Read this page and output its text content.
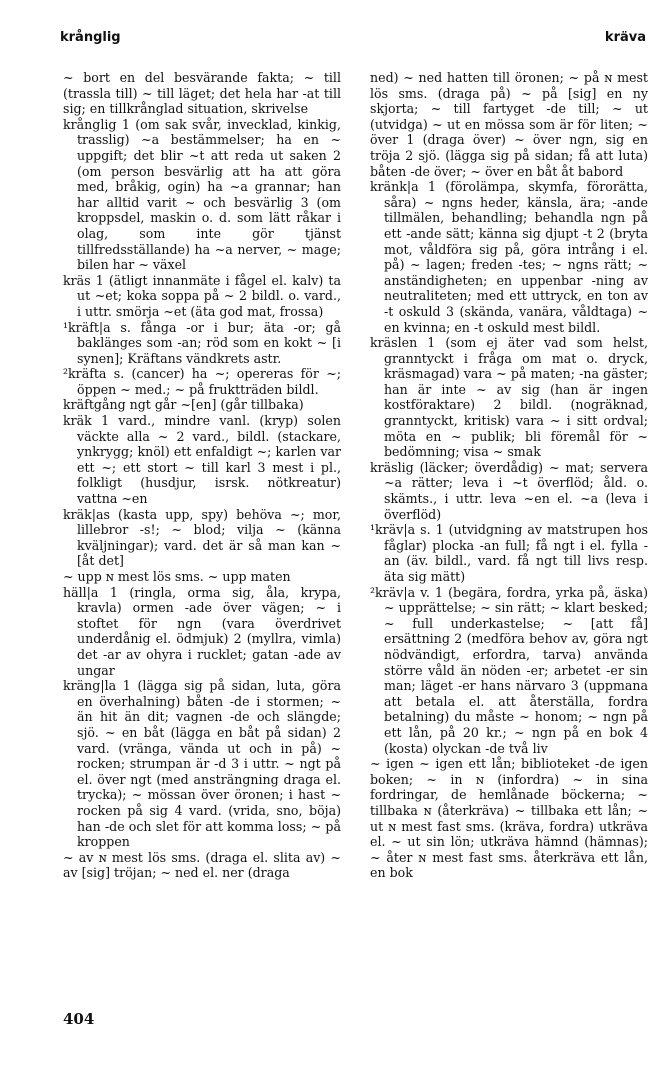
krånglig	kräva

~ bort en del besvärande fakta; ~ till (trassla till) ~ till läget; det hela har -at till sig; en tillkrånglad situation, skrivelse

krånglig 1 (om sak svår, invecklad, kinkig, trasslig) ~a bestämmelser; ha en ~ uppgift; det blir ~t att reda ut saken 2 (om person besvärlig att ha att göra med, bråkig, ogin) ha ~a grannar; han har alltid varit ~ och besvärlig 3 (om kroppsdel, maskin o. d. som lätt råkar i olag, som inte gör tjänst tillfredsställande) ha ~a nerver, ~ mage; bilen har ~ växel

kräs 1 (ätligt innanmäte i fågel el. kalv) ta ut ~et; koka soppa på ~ 2 bildl. o. vard., i uttr. smörja ~et (äta god mat, frossa)

¹kräft|a s. fånga -or i bur; äta -or; gå baklänges som -an; röd som en kokt ~ [i synen]; Kräftans vändkrets astr.

²kräfta s. (cancer) ha ~; opereras för ~; öppen ~ med.; ~ på fruktträden bildl.

kräftgång ngt går ~[en] (går tillbaka)

kräk 1 vard., mindre vanl. (kryp) solen väckte alla ~ 2 vard., bildl. (stackare, ynkrygg; knöl) ett enfaldigt ~; karlen var ett ~; ett stort ~ till karl 3 mest i pl., folkligt (husdjur, isrsk. nötkreatur) vattna ~en

kräk|as (kasta upp, spy) behöva ~; mor, lillebror -s!; ~ blod; vilja ~ (känna kväljningar); vard. det är så man kan ~ [åt det]

~ upp ɴ mest lös sms. ~ upp maten

häll|a 1 (ringla, orma sig, åla, krypa, kravla) ormen -ade över vägen; ~ i stoftet för ngn (vara överdrivet underdånig el. ödmjuk) 2 (myllra, vimla) det -ar av ohyra i rucklet; gatan -ade av ungar

kräng|la 1 (lägga sig på sidan, luta, göra en överhalning) båten -de i stormen; ~ än hit än dit; vagnen -de och slängde; sjö. ~ en båt (lägga en båt på sidan) 2 vard. (vränga, vända ut och in på) ~ rocken; strumpan är -d 3 i uttr. ~ ngt på el. över ngt (med ansträngning draga el. trycka); ~ mössan över öronen; i hast ~ rocken på sig 4 vard. (vrida, sno, böja) han -de och slet för att komma loss; ~ på kroppen

~ av ɴ mest lös sms. (draga el. slita av) ~ av [sig] tröjan; ~ ned el. ner (draga

ned) ~ ned hatten till öronen; ~ på ɴ mest lös sms. (draga på) ~ på [sig] en ny skjorta; ~ till fartyget -de till; ~ ut (utvidga) ~ ut en mössa som är för liten; ~ över 1 (draga över) ~ över ngn, sig en tröja 2 sjö. (lägga sig på sidan; få att luta) båten -de över; ~ över en båt åt babord

kränk|a 1 (förolämpa, skymfa, förorätta, såra) ~ ngns heder, känsla, ära; -ande tillmälen, behandling; behandla ngn på ett -ande sätt; känna sig djupt -t 2 (bryta mot, våldföra sig på, göra intrång i el. på) ~ lagen; freden -tes; ~ ngns rätt; ~ anständigheten; en uppenbar -ning av neutraliteten; med ett uttryck, en ton av -t oskuld 3 (skända, vanära, våldtaga) ~ en kvinna; en -t oskuld mest bildl.

kräslen 1 (som ej äter vad som helst, granntyckt i fråga om mat o. dryck, kräsmagad) vara ~ på maten; -na gäster; han är inte ~ av sig (han är ingen kostföraktare) 2 bildl. (nogräknad, granntyckt, kritisk) vara ~ i sitt ordval; möta en ~ publik; bli föremål för ~ bedömning; visa ~ smak

kräslig (läcker; överdådig) ~ mat; servera ~a rätter; leva i ~t överflöd; åld. o. skämts., i uttr. leva ~en el. ~a (leva i överflöd)

¹kräv|a s. 1 (utvidgning av matstrupen hos fåglar) plocka -an full; få ngt i el. fylla -an (äv. bildl., vard. få ngt till livs resp. äta sig mätt)

²kräv|a v. 1 (begära, fordra, yrka på, äska) ~ upprättelse; ~ sin rätt; ~ klart besked; ~ full underkastelse; ~ [att få] ersättning 2 (medföra behov av, göra ngt nödvändigt, erfordra, tarva) använda större våld än nöden -er; arbetet -er sin man; läget -er hans närvaro 3 (uppmana att betala el. att återställa, fordra betalning) du måste ~ honom; ~ ngn på ett lån, på 20 kr.; ~ ngn på en bok 4 (kosta) olyckan -de två liv

~ igen ~ igen ett lån; biblioteket -de igen boken; ~ in ɴ (infordra) ~ in sina fordringar, de hemlånade böckerna; ~ tillbaka ɴ (återkräva) ~ tillbaka ett lån; ~ ut ɴ mest fast sms. (kräva, fordra) utkräva el. ~ ut sin lön; utkräva hämnd (hämnas); ~ åter ɴ mest fast sms. återkräva ett lån, en bok

404
